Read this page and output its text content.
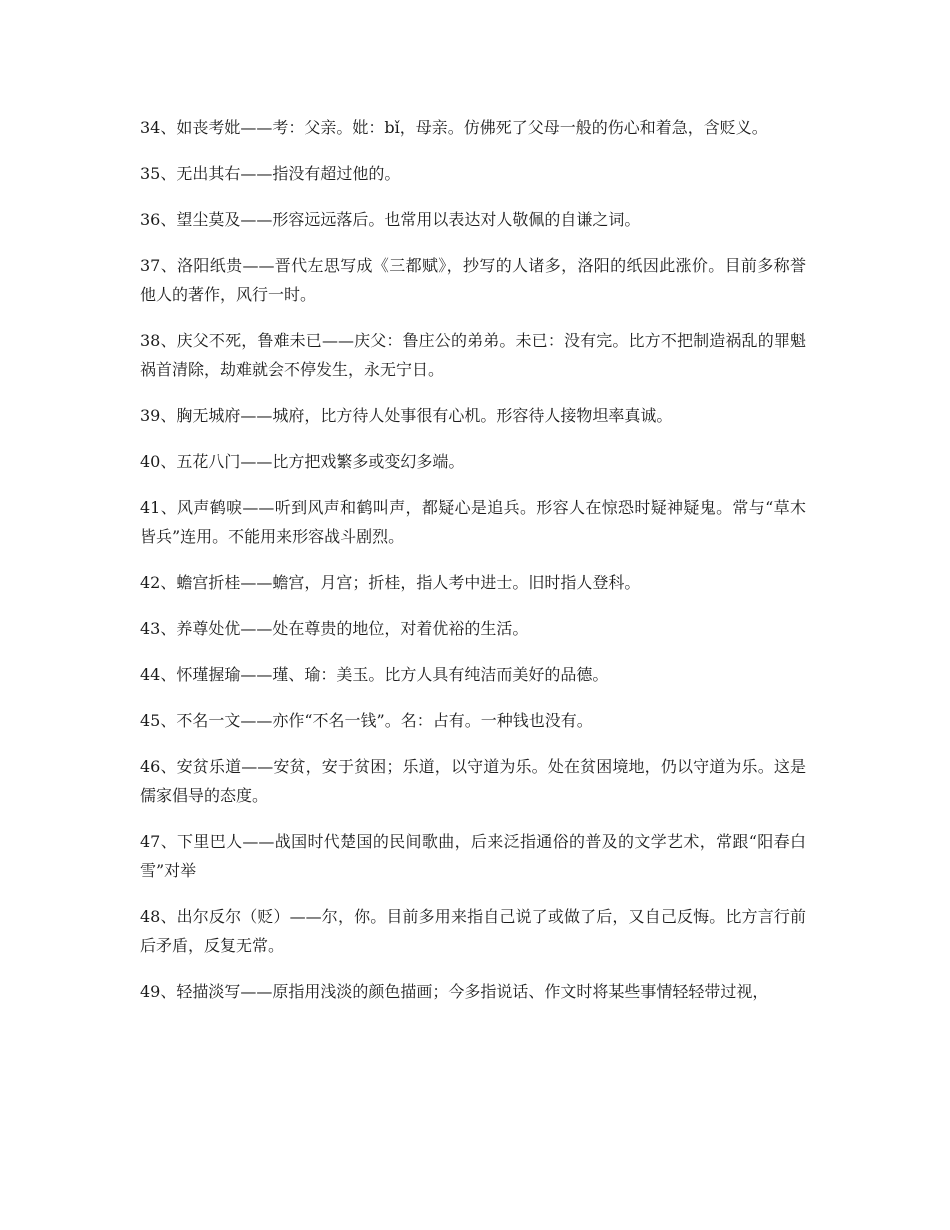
34、如丧考妣——考：父亲。妣：bǐ，母亲。仿佛死了父母一般的伤心和着急，含贬义。

35、无出其右——指没有超过他的。

36、望尘莫及——形容远远落后。也常用以表达对人敬佩的自谦之词。

37、洛阳纸贵——晋代左思写成《三都赋》，抄写的人诸多，洛阳的纸因此涨价。目前多称誉他人的著作，风行一时。

38、庆父不死，鲁难未已——庆父：鲁庄公的弟弟。未已：没有完。比方不把制造祸乱的罪魁祸首清除，劫难就会不停发生，永无宁日。

39、胸无城府——城府，比方待人处事很有心机。形容待人接物坦率真诚。

40、五花八门——比方把戏繁多或变幻多端。

41、风声鹤唳——听到风声和鹤叫声，都疑心是追兵。形容人在惊恐时疑神疑鬼。常与“草木皆兵”连用。不能用来形容战斗剧烈。

42、蟾宫折桂——蟾宫，月宫；折桂，指人考中进士。旧时指人登科。

43、养尊处优——处在尊贵的地位，对着优裕的生活。

44、怀瑾握瑜——瑾、瑜：美玉。比方人具有纯洁而美好的品德。

45、不名一文——亦作“不名一钱”。名：占有。一种钱也没有。

46、安贫乐道——安贫，安于贫困；乐道，以守道为乐。处在贫困境地，仍以守道为乐。这是儒家倡导的态度。

47、下里巴人——战国时代楚国的民间歌曲，后来泛指通俗的普及的文学艺术，常跟“阳春白雪”对举

48、出尔反尔（贬）——尔，你。目前多用来指自己说了或做了后，又自己反悔。比方言行前后矛盾，反复无常。

49、轻描淡写——原指用浅淡的颜色描画；今多指说话、作文时将某些事情轻轻带过视，
